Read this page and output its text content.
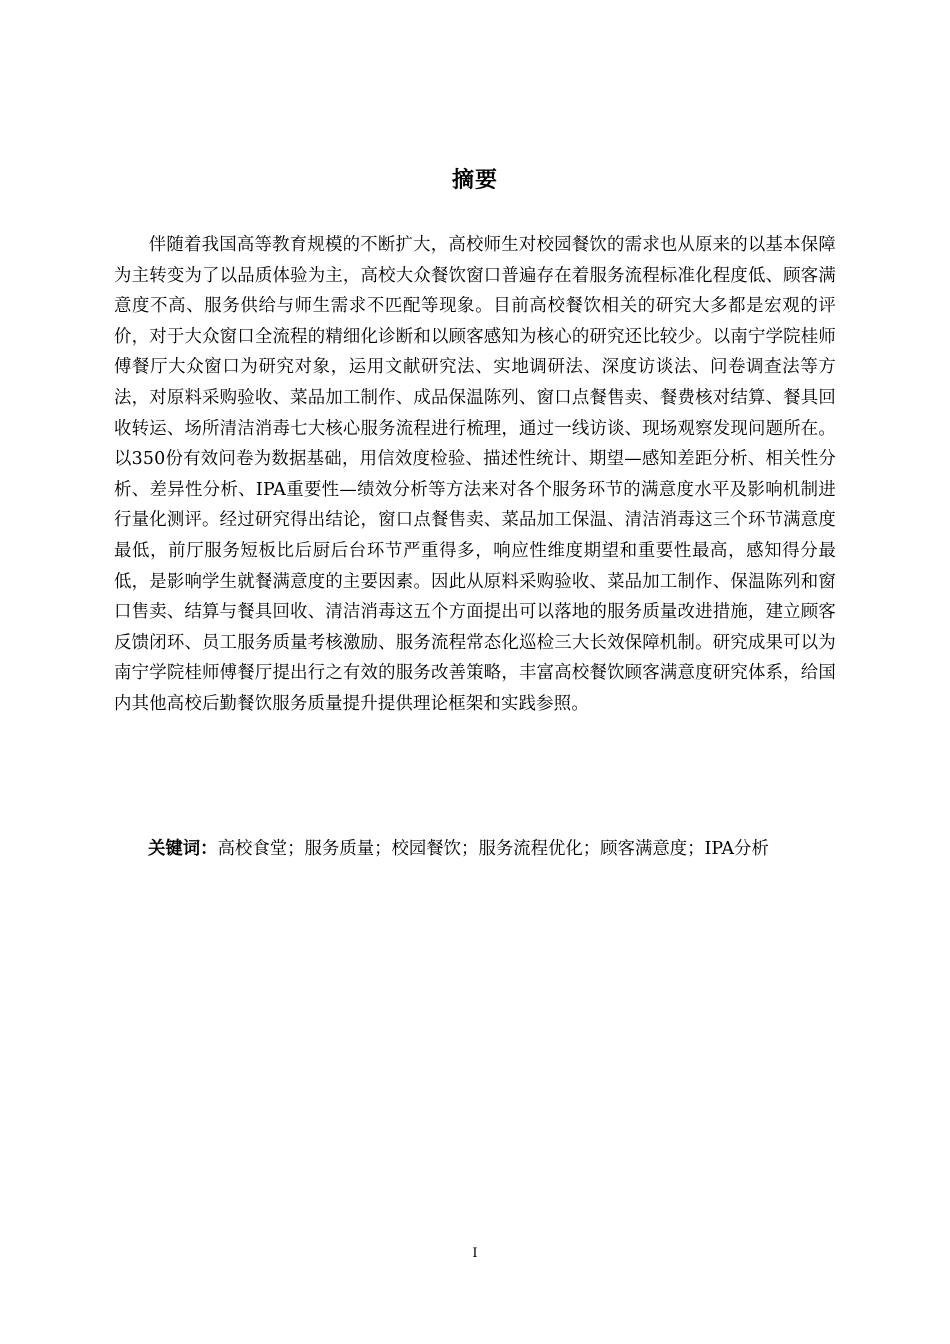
摘要

伴随着我国高等教育规模的不断扩大，高校师生对校园餐饮的需求也从原来的以基本保障为主转变为了以品质体验为主，高校大众餐饮窗口普遍存在着服务流程标准化程度低、顾客满意度不高、服务供给与师生需求不匹配等现象。目前高校餐饮相关的研究大多都是宏观的评价，对于大众窗口全流程的精细化诊断和以顾客感知为核心的研究还比较少。以南宁学院桂师傅餐厅大众窗口为研究对象，运用文献研究法、实地调研法、深度访谈法、问卷调查法等方法，对原料采购验收、菜品加工制作、成品保温陈列、窗口点餐售卖、餐费核对结算、餐具回收转运、场所清洁消毒七大核心服务流程进行梳理，通过一线访谈、现场观察发现问题所在。以350份有效问卷为数据基础，用信效度检验、描述性统计、期望—感知差距分析、相关性分析、差异性分析、IPA重要性—绩效分析等方法来对各个服务环节的满意度水平及影响机制进行量化测评。经过研究得出结论，窗口点餐售卖、菜品加工保温、清洁消毒这三个环节满意度最低，前厅服务短板比后厨后台环节严重得多，响应性维度期望和重要性最高，感知得分最低，是影响学生就餐满意度的主要因素。因此从原料采购验收、菜品加工制作、保温陈列和窗口售卖、结算与餐具回收、清洁消毒这五个方面提出可以落地的服务质量改进措施，建立顾客反馈闭环、员工服务质量考核激励、服务流程常态化巡检三大长效保障机制。研究成果可以为南宁学院桂师傅餐厅提出行之有效的服务改善策略，丰富高校餐饮顾客满意度研究体系，给国内其他高校后勤餐饮服务质量提升提供理论框架和实践参照。

关键词：高校食堂；服务质量；校园餐饮；服务流程优化；顾客满意度；IPA分析
I
